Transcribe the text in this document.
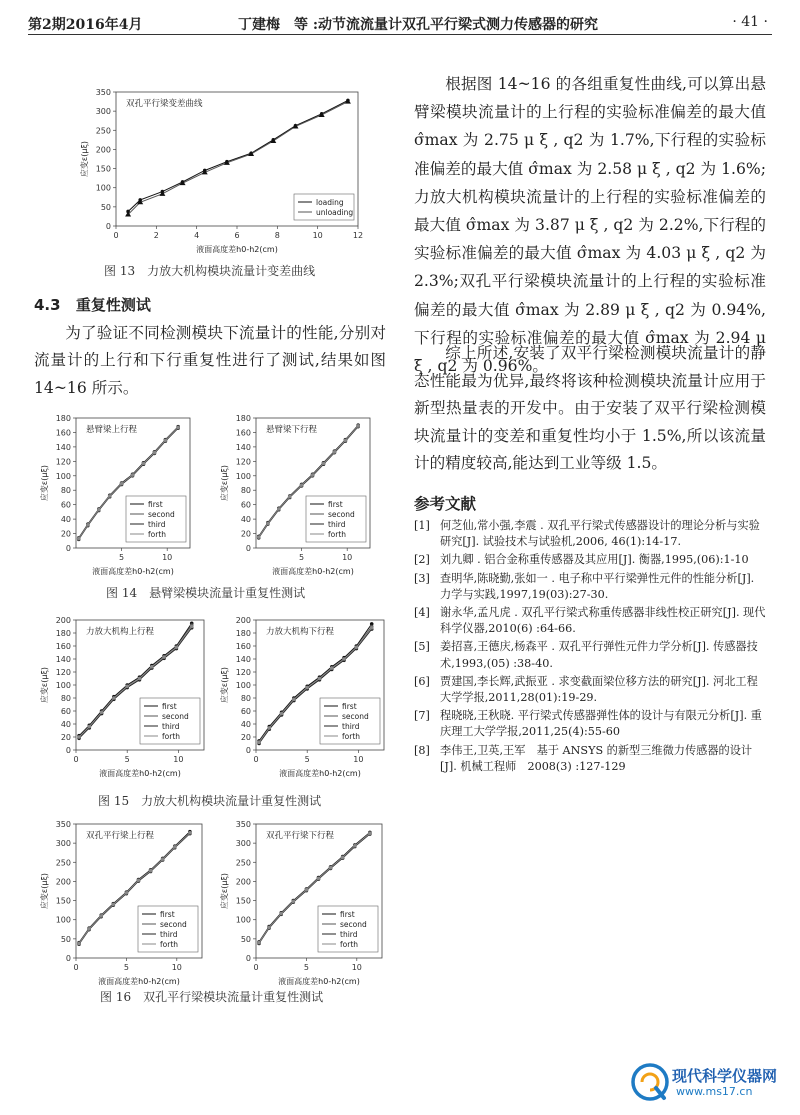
第2期2016年4月	丁建梅　等 :动节流流量计双孔平行梁式测力传感器的研究	· 41 ·
0
50
100
150
200
250
300
350
0	2	4	6	8	10	12
液面高度差h0-h2(cm)
应变ε(μξ)
双孔平行梁变差曲线
loading
unloading
图 13　力放大机构模块流量计变差曲线
4.3 重复性测试

为了验证不同检测模块下流量计的性能,分别对流量计的上行和下行重复性进行了测试,结果如图 14~16 所示。

0
20
40
60
80
100
120
140
160
180
5	10
液面高度差h0-h2(cm)
应变ε(μξ)
悬臂梁上行程
first
second
third
forth
0
20
40
60
80
100
120
140
160
180
5	10
液面高度差h0-h2(cm)
应变ε(μξ)
悬臂梁下行程
first
second
third
forth
图 14　悬臂梁模块流量计重复性测试
0
20
40
60
80
100
120
140
160
180
200
0	5	10
液面高度差h0-h2(cm)
应变ε(μξ)
力放大机构上行程
first
second
third
forth
0
20
40
60
80
100
120
140
160
180
200
0	5	10
液面高度差h0-h2(cm)
应变ε(μξ)
力放大机构下行程
first
second
third
forth
图 15　力放大机构模块流量计重复性测试
0
50
100
150
200
250
300
350
0	5	10
液面高度差h0-h2(cm)
应变ε(μξ)
双孔平行梁上行程
first
second
third
forth
0
50
100
150
200
250
300
350
0	5	10
液面高度差h0-h2(cm)
应变ε(μξ)
双孔平行梁下行程
first
second
third
forth
图 16　双孔平行梁模块流量计重复性测试

根据图 14~16 的各组重复性曲线,可以算出悬臂梁模块流量计的上行程的实验标准偏差的最大值 σ̂max 为 2.75 μ ξ , q2 为 1.7%,下行程的实验标准偏差的最大值 σ̂max 为 2.58 μ ξ , q2 为 1.6%;力放大机构模块流量计的上行程的实验标准偏差的最大值 σ̂max 为 3.87 μ ξ , q2 为 2.2%,下行程的实验标准偏差的最大值 σ̂max 为 4.03 μ ξ , q2 为 2.3%;双孔平行梁模块流量计的上行程的实验标准偏差的最大值 σ̂max 为 2.89 μ ξ , q2 为 0.94%,下行程的实验标准偏差的最大值 σ̂max 为 2.94 μ ξ , q2 为 0.96%。

综上所述,安装了双平行梁检测模块流量计的静态性能最为优异,最终将该种检测模块流量计应用于新型热量表的开发中。由于安装了双平行梁检测模块流量计的变差和重复性均小于 1.5%,所以该流量计的精度较高,能达到工业等级 1.5。

参考文献
[1] 何芝仙,常小强,李震 . 双孔平行梁式传感器设计的理论分析与实验研究[J]. 试验技术与试验机,2006, 46(1):14-17.
[2] 刘九卿 . 铝合金称重传感器及其应用[J]. 衡器,1995,(06):1-10
[3] 查明华,陈晓勤,张如一 . 电子称中平行梁弹性元件的性能分析[J]. 力学与实践,1997,19(03):27-30.
[4] 谢永华,孟凡虎 . 双孔平行梁式称重传感器非线性校正研究[J]. 现代科学仪器,2010(6) :64-66.
[5] 姜招喜,王德庆,杨森平 . 双孔平行弹性元件力学分析[J]. 传感器技术,1993,(05) :38-40.
[6] 贾建国,李长辉,武振亚 . 求变截面梁位移方法的研究[J]. 河北工程大学学报,2011,28(01):19-29.
[7] 程晓晓,王秋晓. 平行梁式传感器弹性体的设计与有限元分析[J]. 重庆理工大学学报,2011,25(4):55-60
[8] 李伟王,卫英,王军　基于 ANSYS 的新型三维微力传感器的设计[J]. 机械工程师　2008(3) :127-129
现代科学仪器网
www.ms17.cn
